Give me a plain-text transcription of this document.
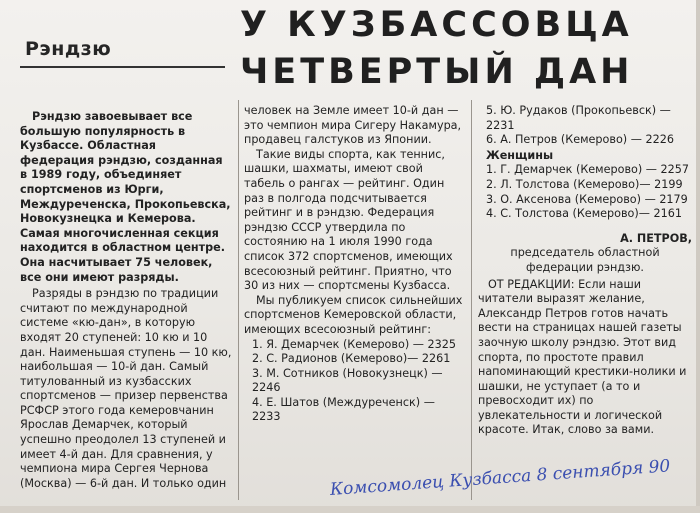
Рэндзю
У КУЗБАССОВЦА
ЧЕТВЕРТЫЙ ДАН

Рэндзю завоевывает все большую популярность в Кузбассе. Областная федерация рэндзю, созданная в 1989 году, объединяет спортсменов из Юрги, Междуреченска, Прокопьевска, Новокузнецка и Кемерова. Самая многочисленная секция находится в областном центре. Она насчитывает 75 человек, все они имеют разряды.

Разряды в рэндзю по традиции считают по международной системе «кю-дан», в которую входят 20 ступеней: 10 кю и 10 дан. Наименьшая ступень — 10 кю, наибольшая — 10-й дан. Самый титулованный из кузбасских спортсменов — призер первенства РСФСР этого года кемеровчанин Ярослав Демарчек, который успешно преодолел 13 ступеней и имеет 4-й дан. Для сравнения, у чемпиона мира Сергея Чернова (Москва) — 6-й дан. И только один

человек на Земле имеет 10-й дан — это чемпион мира Сигеру Накамура, продавец галстуков из Японии.

Такие виды спорта, как теннис, шашки, шахматы, имеют свой табель о рангах — рейтинг. Один раз в полгода подсчитывается рейтинг и в рэндзю. Федерация рэндзю СССР утвердила по состоянию на 1 июля 1990 года список 372 спортсменов, имеющих всесоюзный рейтинг. Приятно, что 30 из них — спортсмены Кузбасса.

Мы публикуем список сильнейших спортсменов Кемеровской области, имеющих всесоюзный рейтинг:

1. Я. Демарчек (Кемерово) — 2325

2. С. Радионов (Кемерово)— 2261

3. М. Сотников (Новокузнецк) — 2246

4. Е. Шатов (Междуреченск) — 2233

5. Ю. Рудаков (Прокопьевск) — 2231

6. А. Петров (Кемерово) — 2226

Женщины

1. Г. Демарчек (Кемерово) — 2257

2. Л. Толстова (Кемерово)— 2199

3. О. Аксенова (Кемерово) — 2179

4. С. Толстова (Кемерово)— 2161

А. ПЕТРОВ,

председатель областной федерации рэндзю.

ОТ РЕДАКЦИИ: Если наши читатели выразят желание, Александр Петров готов начать вести на страницах нашей газеты заочную школу рэндзю. Этот вид спорта, по простоте правил напоминающий крестики-нолики и шашки, не уступает (а то и превосходит их) по увлекательности и логической красоте. Итак, слово за вами.

Комсомолец Кузбасса 8 сентября 90
